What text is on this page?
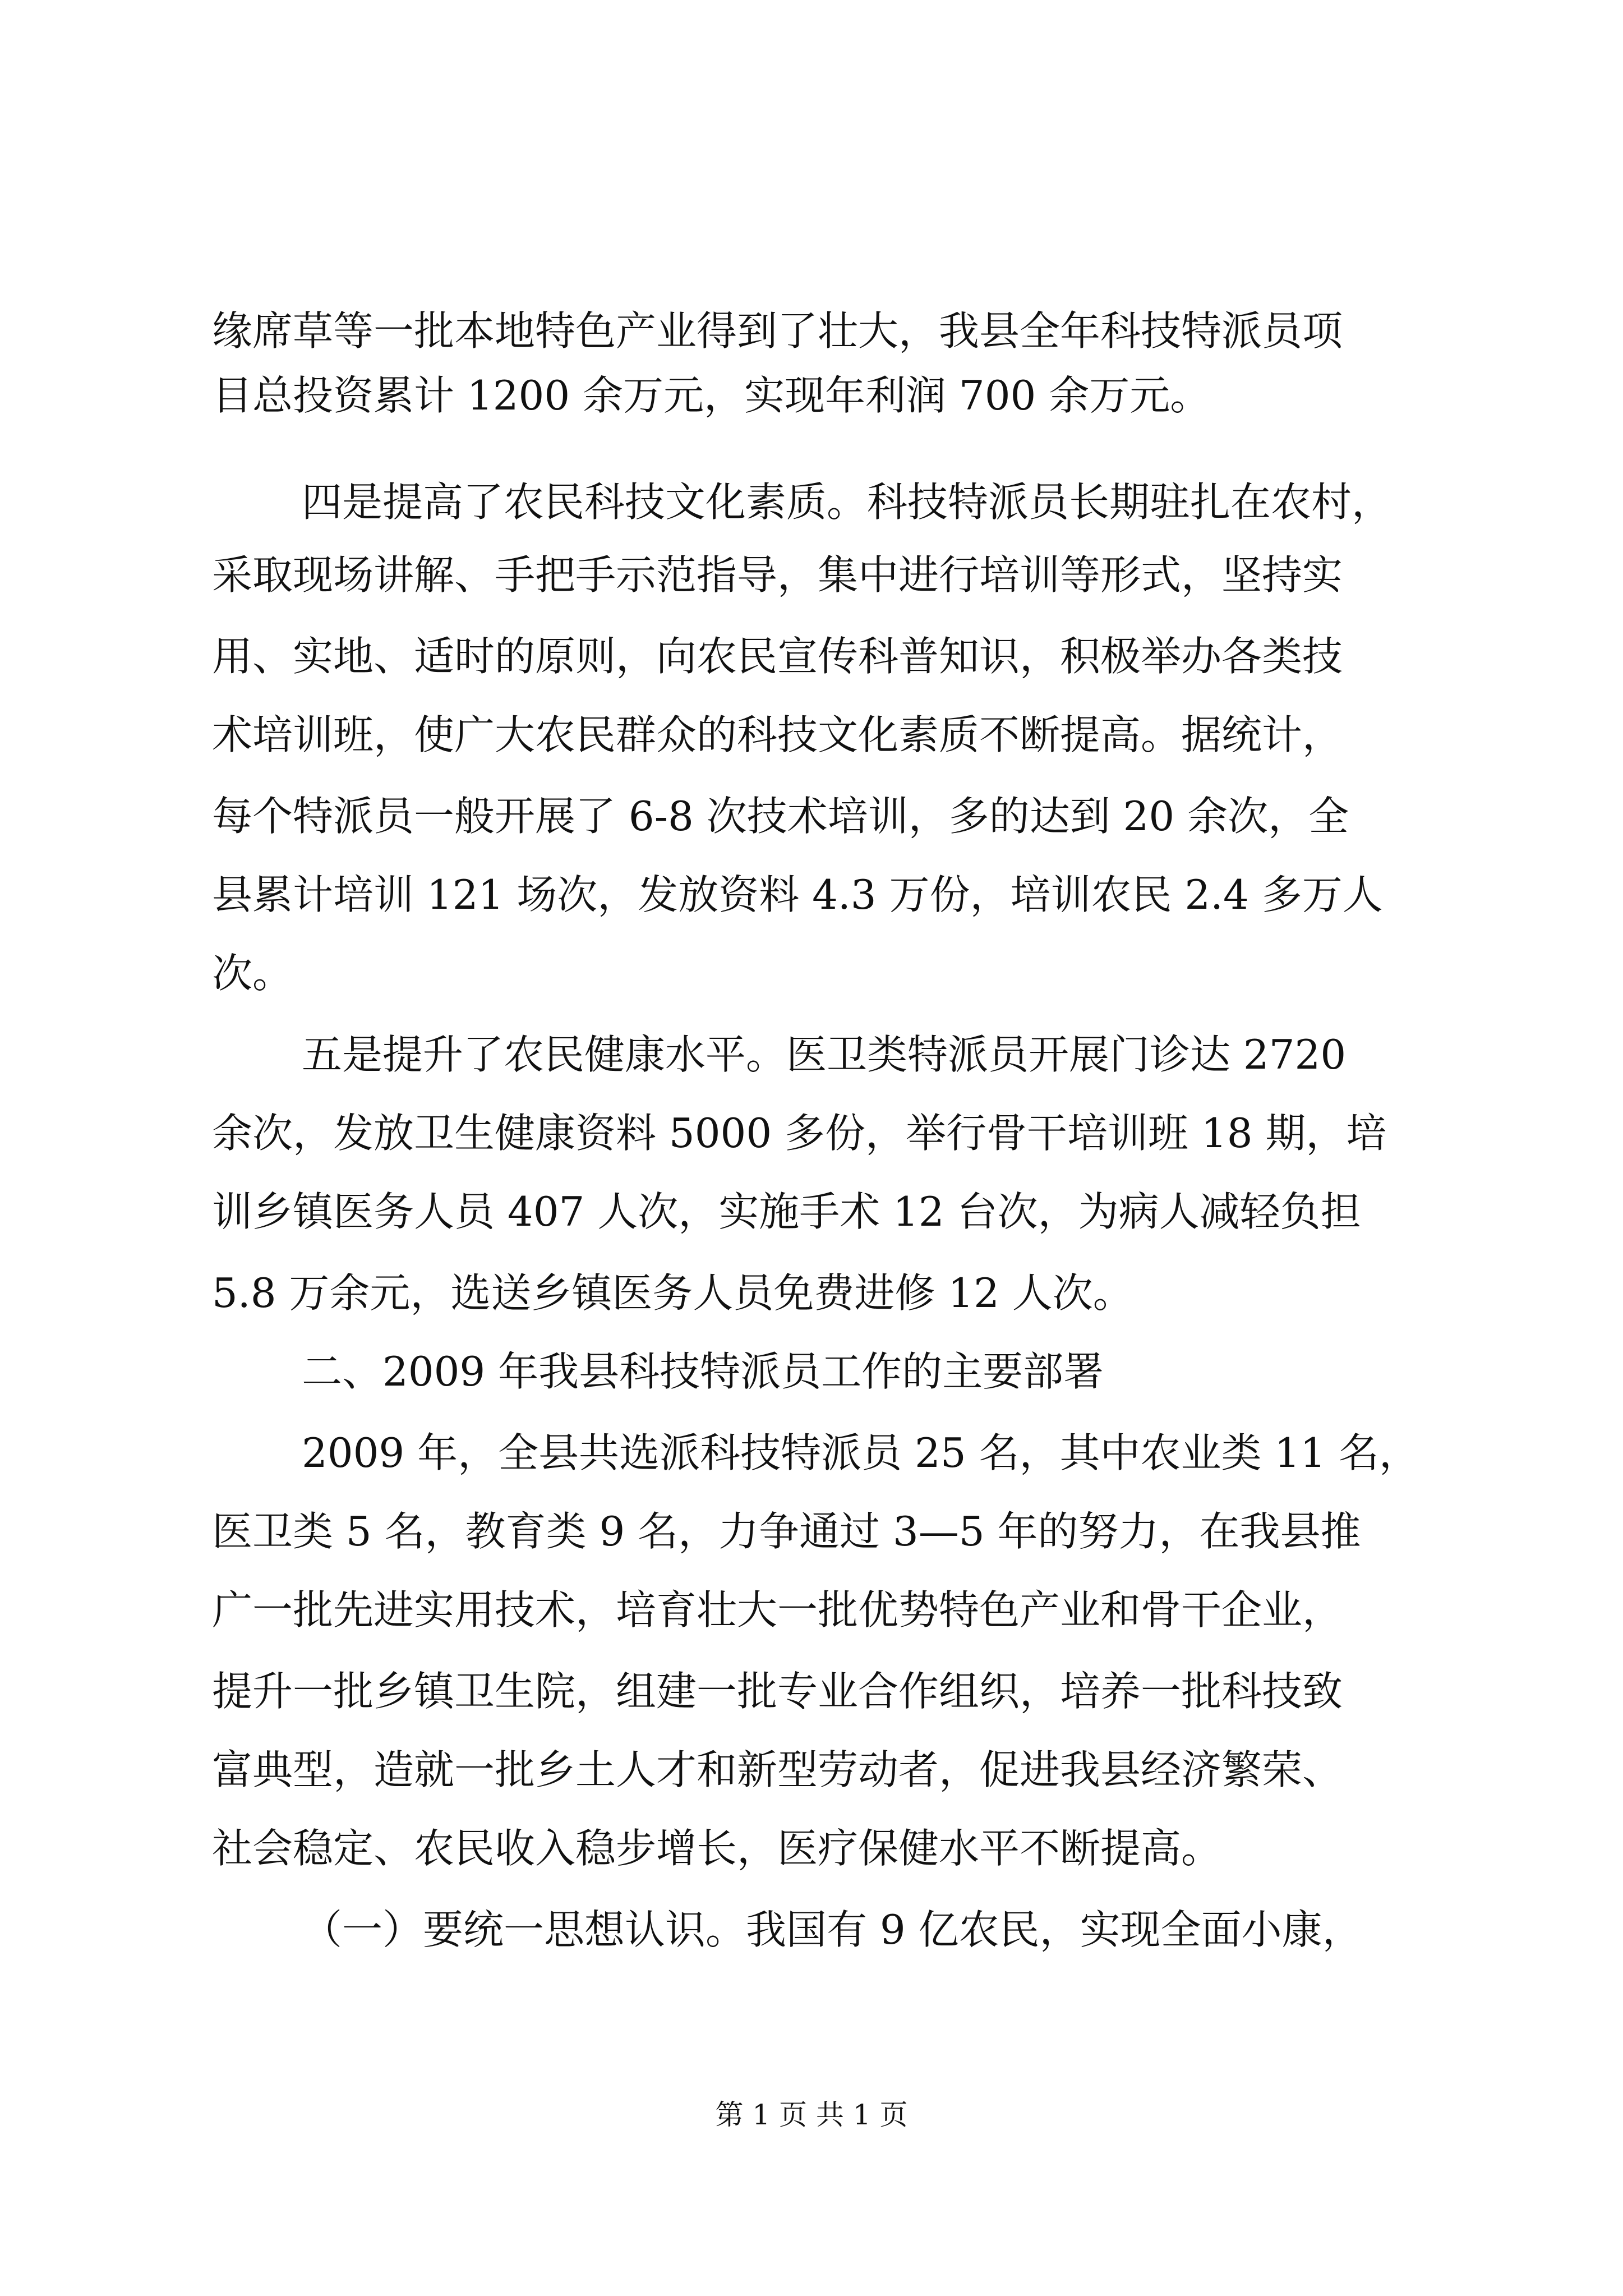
缘席草等一批本地特色产业得到了壮大，我县全年科技特派员项
目总投资累计 1200 余万元，实现年利润 700 余万元。
四是提高了农民科技文化素质。科技特派员长期驻扎在农村，
采取现场讲解、手把手示范指导，集中进行培训等形式，坚持实
用、实地、适时的原则，向农民宣传科普知识，积极举办各类技
术培训班，使广大农民群众的科技文化素质不断提高。据统计，
每个特派员一般开展了 6-8 次技术培训，多的达到 20 余次，全
县累计培训 121 场次，发放资料 4.3 万份，培训农民 2.4 多万人
次。
五是提升了农民健康水平。医卫类特派员开展门诊达 2720
余次，发放卫生健康资料 5000 多份，举行骨干培训班 18 期，培
训乡镇医务人员 407 人次，实施手术 12 台次，为病人减轻负担
5.8 万余元，选送乡镇医务人员免费进修 12 人次。
二、2009 年我县科技特派员工作的主要部署
2009 年，全县共选派科技特派员 25 名，其中农业类 11 名，
医卫类 5 名，教育类 9 名，力争通过 3—5 年的努力，在我县推
广一批先进实用技术，培育壮大一批优势特色产业和骨干企业，
提升一批乡镇卫生院，组建一批专业合作组织，培养一批科技致
富典型，造就一批乡土人才和新型劳动者，促进我县经济繁荣、
社会稳定、农民收入稳步增长，医疗保健水平不断提高。
（一）要统一思想认识。我国有 9 亿农民，实现全面小康，
第 1 页 共 1 页
